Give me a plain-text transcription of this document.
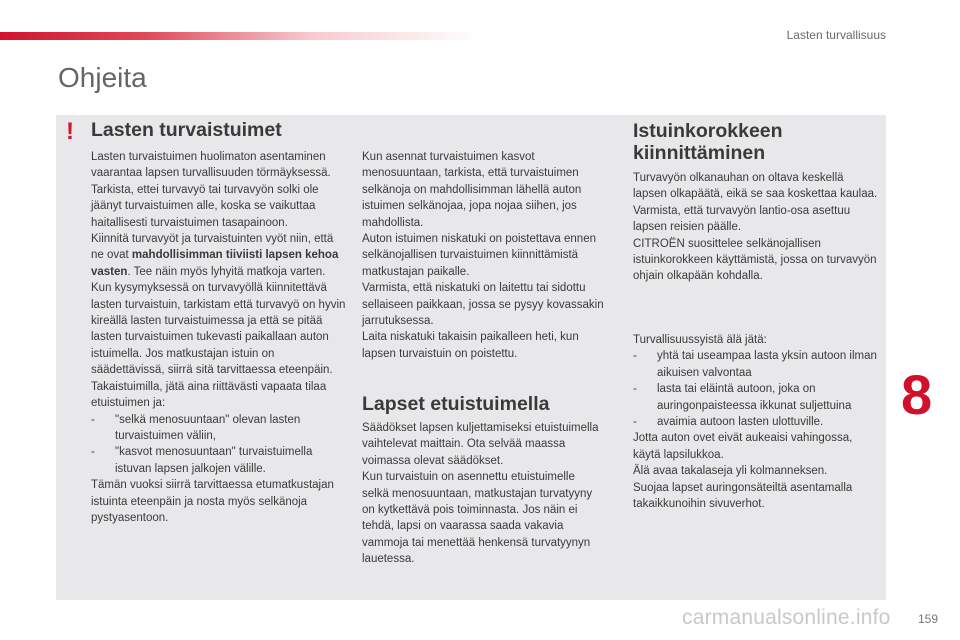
Lasten turvallisuus
Ohjeita
! Lasten turvaistuimet

Lasten turvaistuimen huolimaton asentaminen vaarantaa lapsen turvallisuuden törmäyksessä.

Tarkista, ettei turvavyö tai turvavyön solki ole jäänyt turvaistuimen alle, koska se vaikuttaa haitallisesti turvaistuimen tasapainoon.

Kiinnitä turvavyöt ja turvaistuinten vyöt niin, että ne ovat mahdollisimman tiiviisti lapsen kehoa vasten. Tee näin myös lyhyitä matkoja varten.

Kun kysymyksessä on turvavyöllä kiinnitettävä lasten turvaistuin, tarkistam että turvavyö on hyvin kireällä lasten turvaistuimessa ja että se pitää lasten turvaistuimen tukevasti paikallaan auton istuimella. Jos matkustajan istuin on säädettävissä, siirrä sitä tarvittaessa eteenpäin.

Takaistuimilla, jätä aina riittävästi vapaata tilaa etuistuimen ja:

-	"selkä menosuuntaan" olevan lasten turvaistuimen väliin,
-	"kasvot menosuuntaan" turvaistuimella istuvan lapsen jalkojen välille.

Tämän vuoksi siirrä tarvittaessa etumatkustajan istuinta eteenpäin ja nosta myös selkänoja pystyasentoon.

Kun asennat turvaistuimen kasvot menosuuntaan, tarkista, että turvaistuimen selkänoja on mahdollisimman lähellä auton istuimen selkänojaa, jopa nojaa siihen, jos mahdollista.

Auton istuimen niskatuki on poistettava ennen selkänojallisen turvaistuimen kiinnittämistä matkustajan paikalle.

Varmista, että niskatuki on laitettu tai sidottu sellaiseen paikkaan, jossa se pysyy kovassakin jarrutuksessa.

Laita niskatuki takaisin paikalleen heti, kun lapsen turvaistuin on poistettu.

Lapset etuistuimella

Säädökset lapsen kuljettamiseksi etuistuimella vaihtelevat maittain. Ota selvää maassa voimassa olevat säädökset.

Kun turvaistuin on asennettu etuistuimelle selkä menosuuntaan, matkustajan turvatyyny on kytkettävä pois toiminnasta. Jos näin ei tehdä, lapsi on vaarassa saada vakavia vammoja tai menettää henkensä turvatyynyn lauetessa.

Istuinkorokkeen kiinnittäminen

Turvavyön olkanauhan on oltava keskellä lapsen olkapäätä, eikä se saa koskettaa kaulaa.

Varmista, että turvavyön lantio-osa asettuu lapsen reisien päälle.

CITROËN suosittelee selkänojallisen istuinkorokkeen käyttämistä, jossa on turvavyön ohjain olkapään kohdalla.

Turvallisuussyistä älä jätä:

-	yhtä tai useampaa lasta yksin autoon ilman aikuisen valvontaa
-	lasta tai eläintä autoon, joka on auringonpaisteessa ikkunat suljettuina
-	avaimia autoon lasten ulottuville.

Jotta auton ovet eivät aukeaisi vahingossa, käytä lapsilukkoa.

Älä avaa takalaseja yli kolmanneksen.

Suojaa lapset auringonsäteiltä asentamalla takaikkunoihin sivuverhot.

8
carmanualsonline.info 159
